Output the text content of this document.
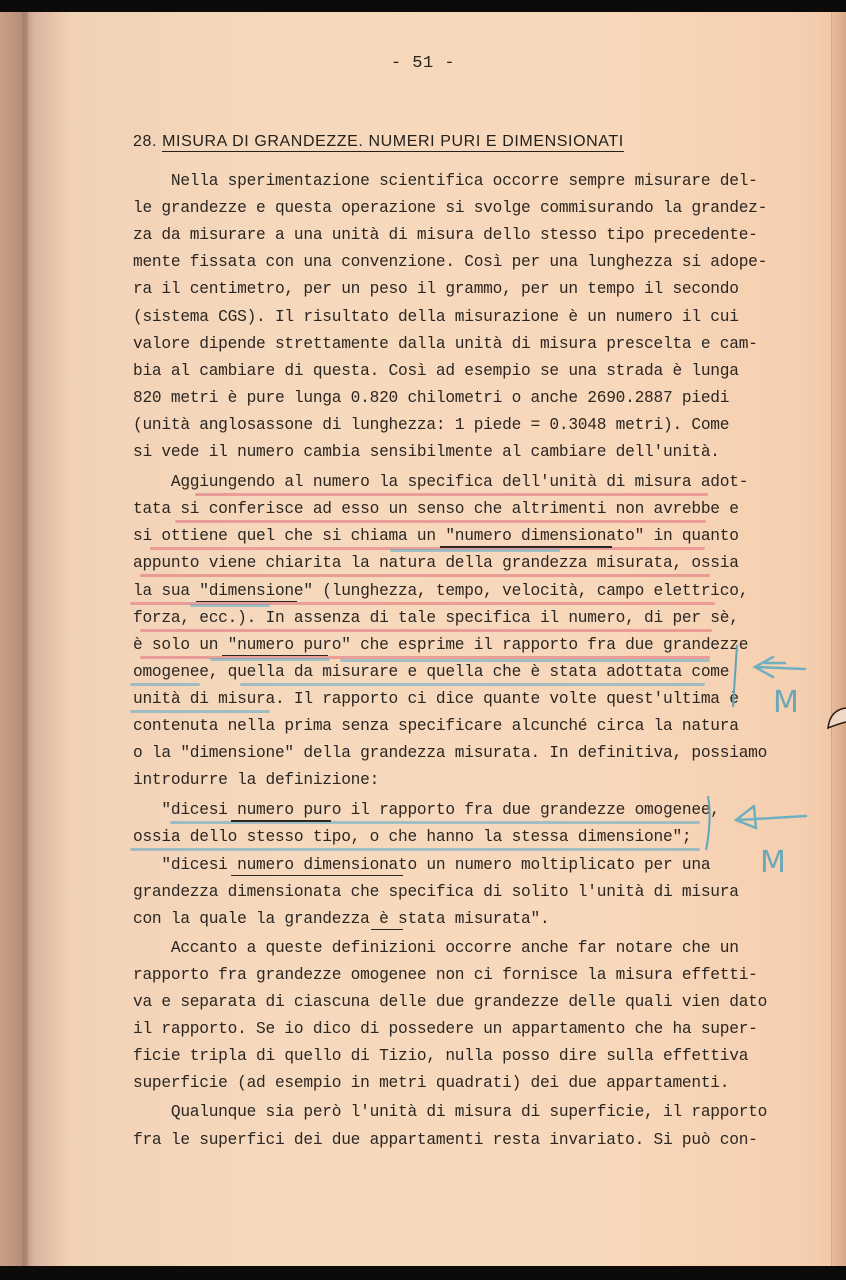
- 51 -
28. MISURA DI GRANDEZZE. NUMERI PURI E DIMENSIONATI
Nella sperimentazione scientifica occorre sempre misurare del-
le grandezze e questa operazione si svolge commisurando la grandez-
za da misurare a una unità di misura dello stesso tipo precedente-
mente fissata con una convenzione. Così per una lunghezza si adope-
ra il centimetro, per un peso il grammo, per un tempo il secondo
(sistema CGS). Il risultato della misurazione è un numero il cui
valore dipende strettamente dalla unità di misura prescelta e cam-
bia al cambiare di questa. Così ad esempio se una strada è lunga
820 metri è pure lunga 0.820 chilometri o anche 2690.2887 piedi
(unità anglosassone di lunghezza: 1 piede = 0.3048 metri). Come
si vede il numero cambia sensibilmente al cambiare dell'unità.
Aggiungendo al numero la specifica dell'unità di misura adot-
tata si conferisce ad esso un senso che altrimenti non avrebbe e
si ottiene quel che si chiama un "numero dimensionato" in quanto
appunto viene chiarita la natura della grandezza misurata, ossia
la sua "dimensione" (lunghezza, tempo, velocità, campo elettrico,
forza, ecc.). In assenza di tale specifica il numero, di per sè,
è solo un "numero puro" che esprime il rapporto fra due grandezze
omogenee, quella da misurare e quella che è stata adottata come
unità di misura. Il rapporto ci dice quante volte quest'ultima è
contenuta nella prima senza specificare alcunché circa la natura
o la "dimensione" della grandezza misurata. In definitiva, possiamo
introdurre la definizione:
"dicesi numero puro il rapporto fra due grandezze omogenee,
ossia dello stesso tipo, o che hanno la stessa dimensione";
"dicesi numero dimensionato un numero moltiplicato per una
grandezza dimensionata che specifica di solito l'unità di misura
con la quale la grandezza è stata misurata".
Accanto a queste definizioni occorre anche far notare che un
rapporto fra grandezze omogenee non ci fornisce la misura effetti-
va e separata di ciascuna delle due grandezze delle quali vien dato
il rapporto. Se io dico di possedere un appartamento che ha super-
ficie tripla di quello di Tizio, nulla posso dire sulla effettiva
superficie (ad esempio in metri quadrati) dei due appartamenti.
Qualunque sia però l'unità di misura di superficie, il rapporto
fra le superfici dei due appartamenti resta invariato. Si può con-
M
M
